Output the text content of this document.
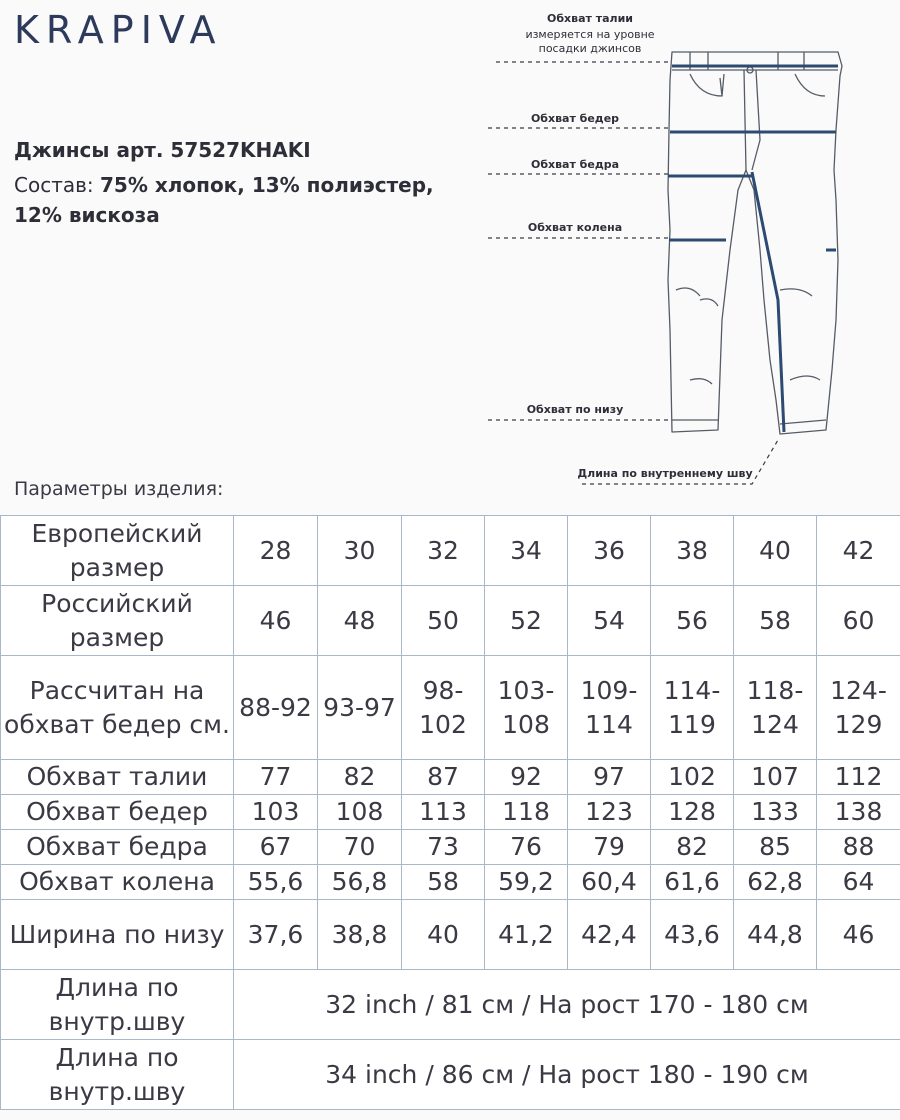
KRAPIVA
Джинсы арт. 57527KHAKI
Состав: 75% хлопок, 13% полиэстер, 12% вискоза
Параметры изделия:
Обхват талии
измеряется на уровне
посадки джинсов
Обхват бедер
Обхват бедра
Обхват колена
Обхват по низу
Длина по внутреннему шву
Европейский размер	28	30	32	34	36	38	40	42
Российский размер	46	48	50	52	54	56	58	60
Рассчитан на обхват бедер см.	88-92	93-97	98-102	103-108	109-114	114-119	118-124	124-129
Обхват талии	77	82	87	92	97	102	107	112
Обхват бедер	103	108	113	118	123	128	133	138
Обхват бедра	67	70	73	76	79	82	85	88
Обхват колена	55,6	56,8	58	59,2	60,4	61,6	62,8	64
Ширина по низу	37,6	38,8	40	41,2	42,4	43,6	44,8	46
Длина по внутр.шву	32 inch / 81 см / На рост 170 - 180 см							
Длина по внутр.шву	34 inch / 86 см / На рост 180 - 190 см							
